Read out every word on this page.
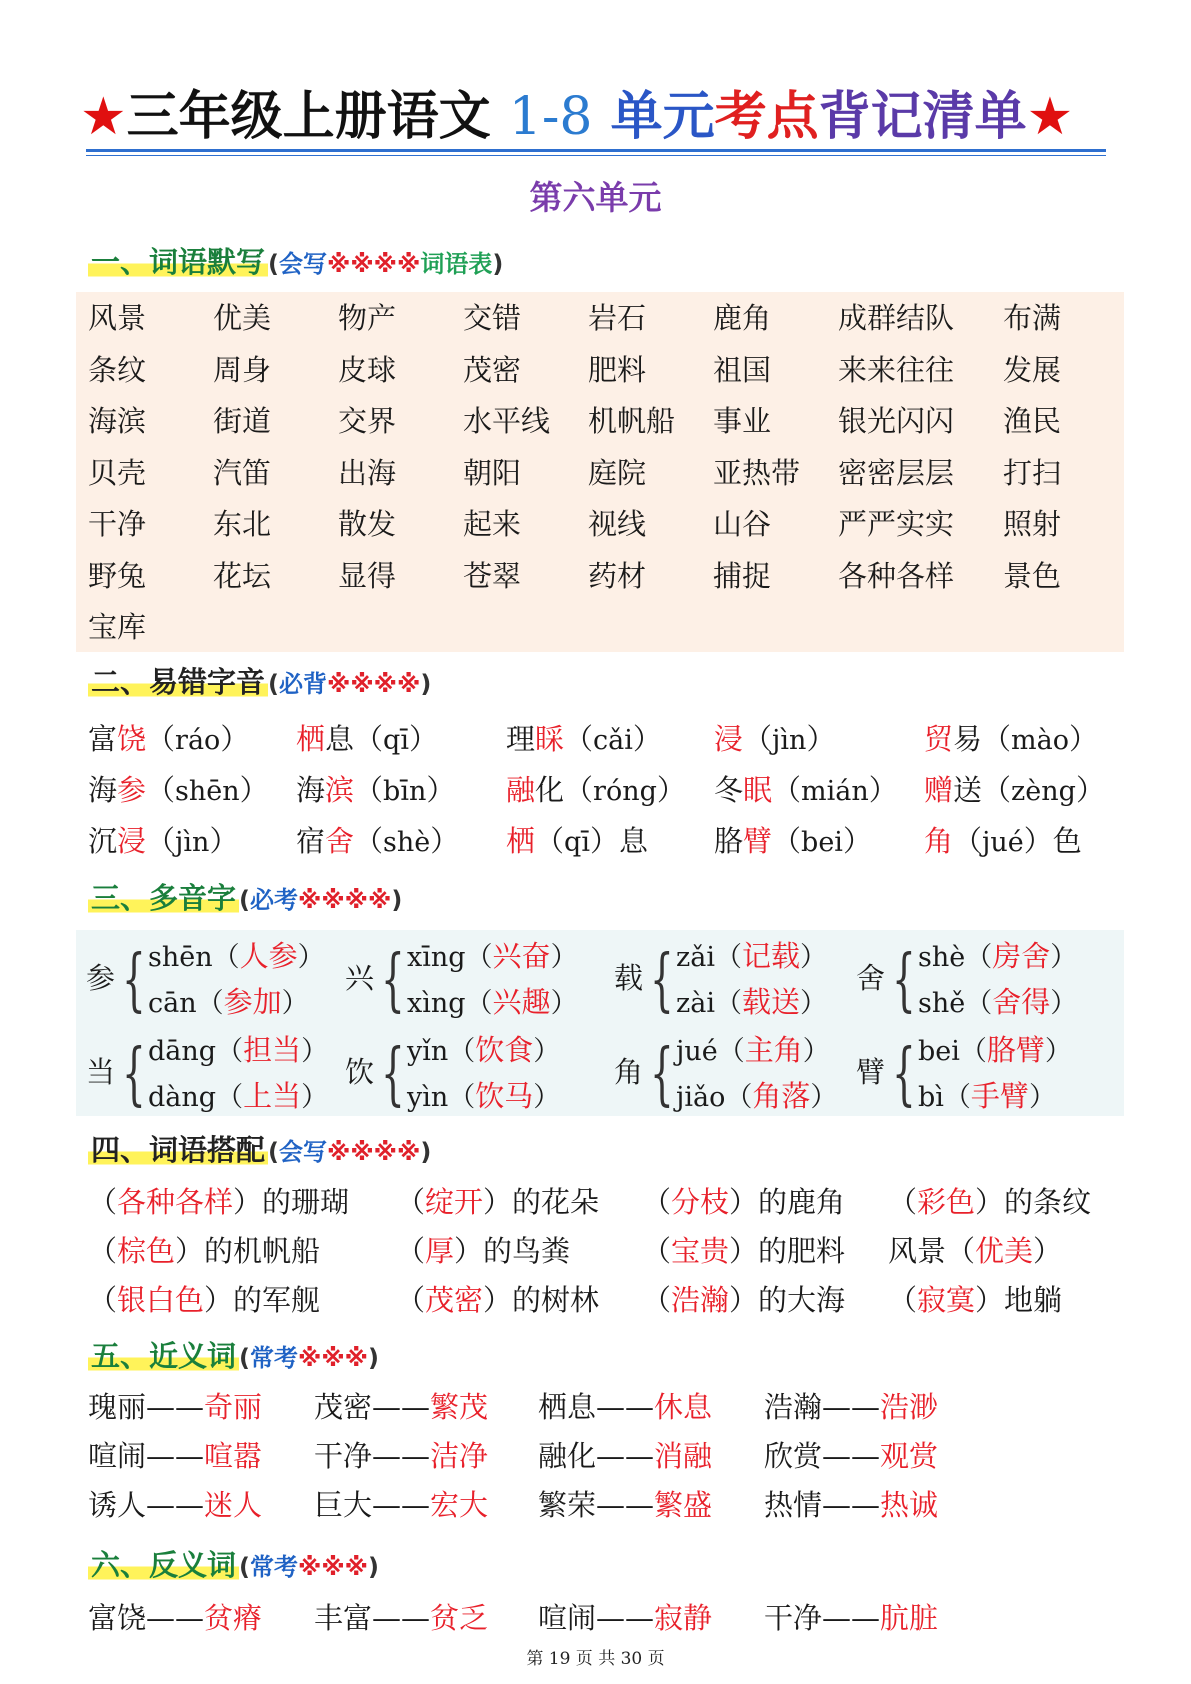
★三年级上册语文 1-8 单元考点背记清单★
第六单元
一、词语默写 (会写※※※※词语表)
二、易错字音 (必背※※※※)
三、多音字 (必考※※※※)
四、词语搭配 (会写※※※※)
五、近义词 (常考※※※)
六、反义词 (常考※※※)
第 19 页 共 30 页
风景 优美 物产 交错 岩石 鹿角 成群结队 布满
条纹 周身 皮球 茂密 肥料 祖国 来来往往 发展
海滨 街道 交界 水平线 机帆船 事业 银光闪闪 渔民
贝壳 汽笛 出海 朝阳 庭院 亚热带 密密层层 打扫
干净 东北 散发 起来 视线 山谷 严严实实 照射
野兔 花坛 显得 苍翠 药材 捕捉 各种各样 景色
宝库
富饶（ráo） 栖息（qī） 理睬（cǎi） 浸（jìn）	贸易（mào）
海参（shēn） 海滨（bīn） 融化（róng） 冬眠（mián） 赠送（zèng）
沉浸（jìn） 宿舍（shè） 栖（qī）息 胳臂（bei） 角（jué）色
参 { shēn（人参）
cān（参加）
兴 { xīng（兴奋）
xìng（兴趣）
载 { zǎi（记载）
zài（载送）
舍 { shè（房舍）
shě（舍得）
当 { dāng（担当）
dàng（上当）
饮 { yǐn（饮食）
yìn（饮马）
角 { jué（主角）
jiǎo（角落）
臂 { bei（胳臂）
bì（手臂）
（各种各样）的珊瑚 （绽开）的花朵 （分枝）的鹿角 （彩色）的条纹
（棕色）的机帆船	（厚）的鸟粪 （宝贵）的肥料 风景（优美）
（银白色）的军舰	（茂密）的树林 （浩瀚）的大海 （寂寞）地躺
瑰丽——奇丽 茂密——繁茂 栖息——休息 浩瀚——浩渺
喧闹——喧嚣 干净——洁净 融化——消融 欣赏——观赏
诱人——迷人 巨大——宏大 繁荣——繁盛 热情——热诚
富饶——贫瘠 丰富——贫乏 喧闹——寂静 干净——肮脏
